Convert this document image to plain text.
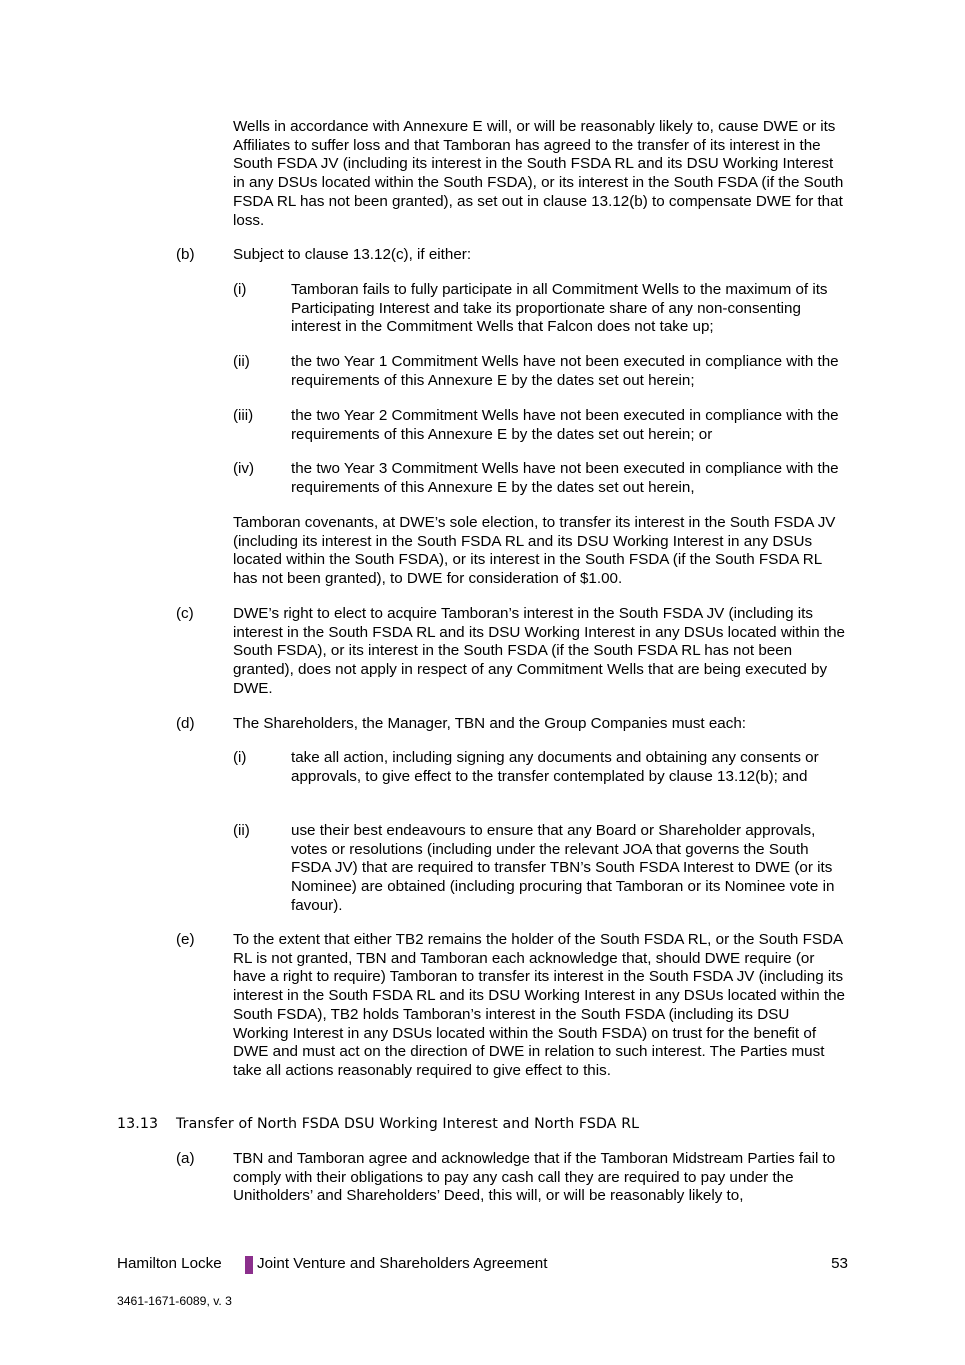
Wells in accordance with Annexure E will, or will be reasonably likely to, cause DWE or its Affiliates to suffer loss and that Tamboran has agreed to the transfer of its interest in the South FSDA JV (including its interest in the South FSDA RL and its DSU Working Interest in any DSUs located within the South FSDA), or its interest in the South FSDA (if the South FSDA RL has not been granted), as set out in clause 13.12(b) to compensate DWE for that loss.

(b)	Subject to clause 13.12(c), if either:

(i)	Tamboran fails to fully participate in all Commitment Wells to the maximum of its Participating Interest and take its proportionate share of any non-consenting interest in the Commitment Wells that Falcon does not take up;

(ii)	the two Year 1 Commitment Wells have not been executed in compliance with the requirements of this Annexure E by the dates set out herein;

(iii) the two Year 2 Commitment Wells have not been executed in compliance with the requirements of this Annexure E by the dates set out herein; or

(iv) the two Year 3 Commitment Wells have not been executed in compliance with the requirements of this Annexure E by the dates set out herein,

Tamboran covenants, at DWE’s sole election, to transfer its interest in the South FSDA JV (including its interest in the South FSDA RL and its DSU Working Interest in any DSUs located within the South FSDA), or its interest in the South FSDA (if the South FSDA RL has not been granted), to DWE for consideration of $1.00.

(c)	DWE’s right to elect to acquire Tamboran’s interest in the South FSDA JV (including its interest in the South FSDA RL and its DSU Working Interest in any DSUs located within the South FSDA), or its interest in the South FSDA (if the South FSDA RL has not been granted), does not apply in respect of any Commitment Wells that are being executed by DWE.

(d)	The Shareholders, the Manager, TBN and the Group Companies must each:

(i)	take all action, including signing any documents and obtaining any consents or approvals, to give effect to the transfer contemplated by clause 13.12(b); and

(ii)	use their best endeavours to ensure that any Board or Shareholder approvals, votes or resolutions (including under the relevant JOA that governs the South FSDA JV) that are required to transfer TBN’s South FSDA Interest to DWE (or its Nominee) are obtained (including procuring that Tamboran or its Nominee vote in favour).

(e)	To the extent that either TB2 remains the holder of the South FSDA RL, or the South FSDA RL is not granted, TBN and Tamboran each acknowledge that, should DWE require (or have a right to require) Tamboran to transfer its interest in the South FSDA JV (including its interest in the South FSDA RL and its DSU Working Interest in any DSUs located within the South FSDA), TB2 holds Tamboran’s interest in the South FSDA (including its DSU Working Interest in any DSUs located within the South FSDA) on trust for the benefit of DWE and must act on the direction of DWE in relation to such interest. The Parties must take all actions reasonably required to give effect to this.

13.13 Transfer of North FSDA DSU Working Interest and North FSDA RL
(a)	TBN and Tamboran agree and acknowledge that if the Tamboran Midstream Parties fail to comply with their obligations to pay any cash call they are required to pay under the Unitholders’ and Shareholders’ Deed, this will, or will be reasonably likely to,

Hamilton Locke Joint Venture and Shareholders Agreement	53
3461-1671-6089, v. 3
